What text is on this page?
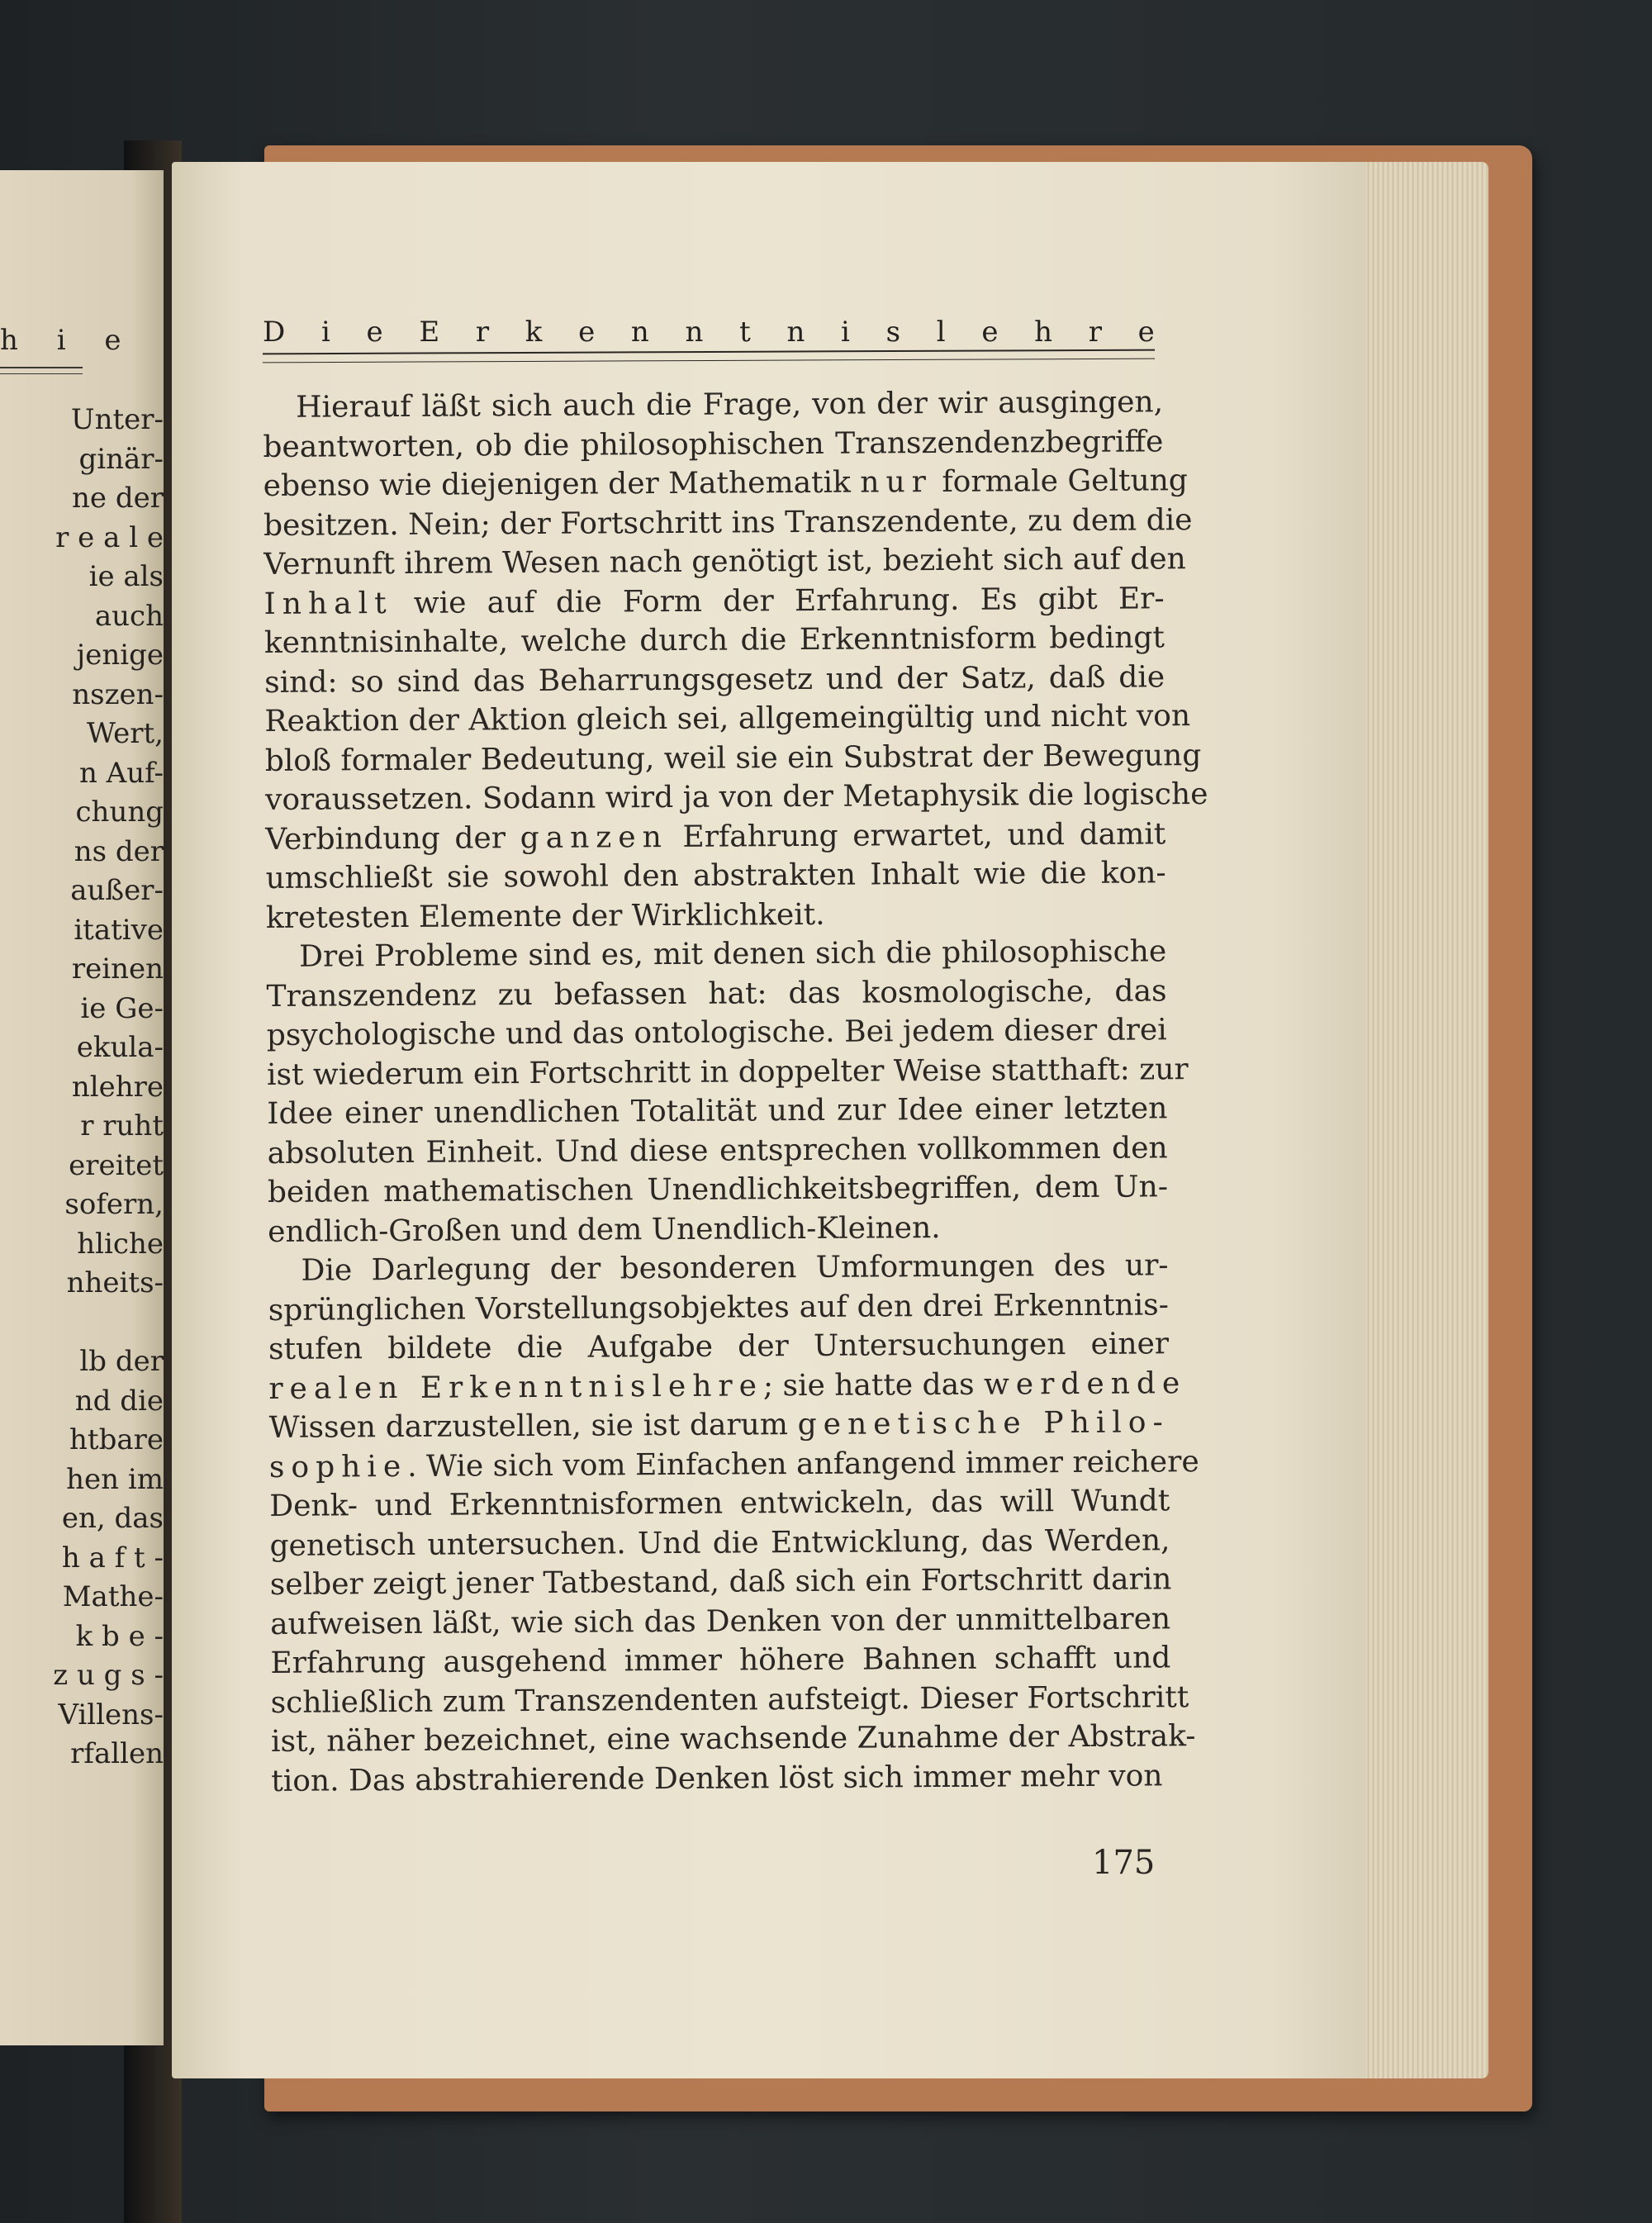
h i e
Unter-
ginär-
ne der
r e a l e
ie als
auch
jenige
nszen-
Wert,
n Auf-
chung
ns der
außer-
itative
reinen
ie Ge-
ekula-
nlehre
r ruht
ereitet
sofern,
hliche
nheits-
lb der
nd die
htbare
hen im
en, das
h a f t -
Mathe-
k b e -
z u g s -
Villens-
rfallen
D i e E r k e n n t n i s l e h r e
Hierauf läßt sich auch die Frage, von der wir ausgingen,
beantworten, ob die philosophischen Transzendenzbegriffe
ebenso wie diejenigen der Mathematik nur formale Geltung
besitzen. Nein; der Fortschritt ins Transzendente, zu dem die
Vernunft ihrem Wesen nach genötigt ist, bezieht sich auf den
Inhalt wie auf die Form der Erfahrung. Es gibt Er-
kenntnisinhalte, welche durch die Erkenntnisform bedingt
sind: so sind das Beharrungsgesetz und der Satz, daß die
Reaktion der Aktion gleich sei, allgemeingültig und nicht von
bloß formaler Bedeutung, weil sie ein Substrat der Bewegung
voraussetzen. Sodann wird ja von der Metaphysik die logische
Verbindung der ganzen Erfahrung erwartet, und damit
umschließt sie sowohl den abstrakten Inhalt wie die kon-
kretesten Elemente der Wirklichkeit.
Drei Probleme sind es, mit denen sich die philosophische
Transzendenz zu befassen hat: das kosmologische, das
psychologische und das ontologische. Bei jedem dieser drei
ist wiederum ein Fortschritt in doppelter Weise statthaft: zur
Idee einer unendlichen Totalität und zur Idee einer letzten
absoluten Einheit. Und diese entsprechen vollkommen den
beiden mathematischen Unendlichkeitsbegriffen, dem Un-
endlich-Großen und dem Unendlich-Kleinen.
Die Darlegung der besonderen Umformungen des ur-
sprünglichen Vorstellungsobjektes auf den drei Erkenntnis-
stufen bildete die Aufgabe der Untersuchungen einer
realen Erkenntnislehre; sie hatte das werdende
Wissen darzustellen, sie ist darum genetische Philo-
sophie. Wie sich vom Einfachen anfangend immer reichere
Denk- und Erkenntnisformen entwickeln, das will Wundt
genetisch untersuchen. Und die Entwicklung, das Werden,
selber zeigt jener Tatbestand, daß sich ein Fortschritt darin
aufweisen läßt, wie sich das Denken von der unmittelbaren
Erfahrung ausgehend immer höhere Bahnen schafft und
schließlich zum Transzendenten aufsteigt. Dieser Fortschritt
ist, näher bezeichnet, eine wachsende Zunahme der Abstrak-
tion. Das abstrahierende Denken löst sich immer mehr von
175
